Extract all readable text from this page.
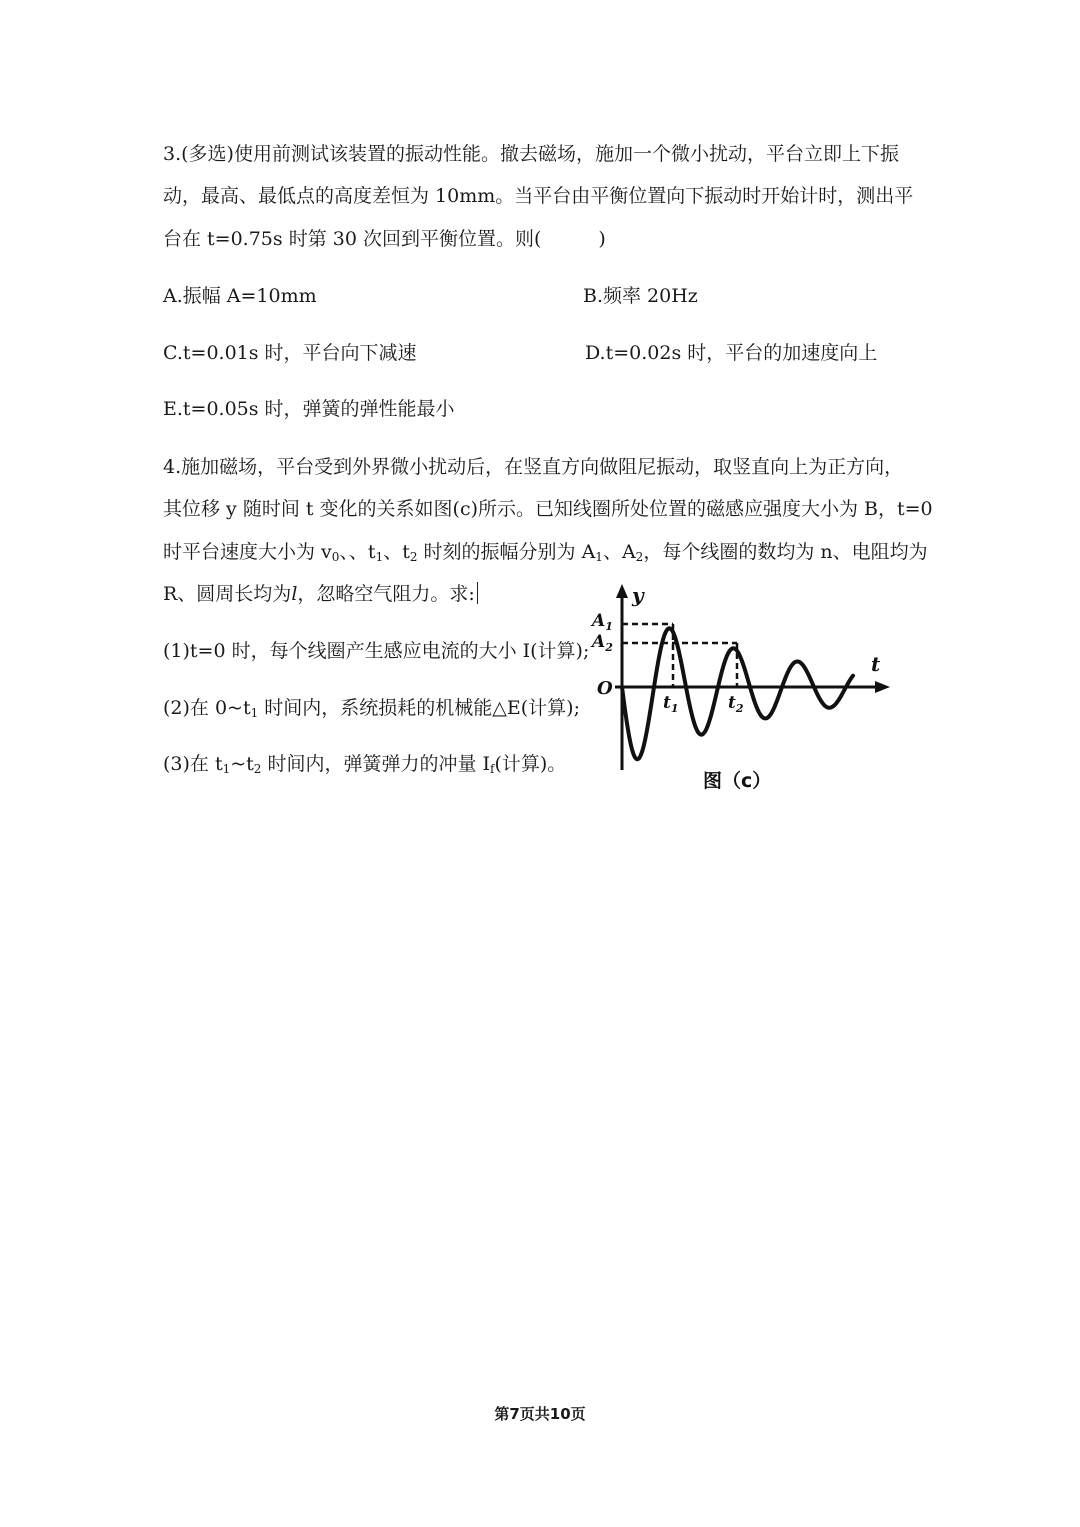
3.(多选)使用前测试该装置的振动性能。撤去磁场，施加一个微小扰动，平台立即上下振
动，最高、最低点的高度差恒为 10mm。当平台由平衡位置向下振动时开始计时，测出平
台在 t=0.75s 时第 30 次回到平衡位置。则(　　　)
A.振幅 A=10mm	B.频率 20Hz
C.t=0.01s 时，平台向下减速	D.t=0.02s 时，平台的加速度向上
E.t=0.05s 时，弹簧的弹性能最小
4.施加磁场，平台受到外界微小扰动后，在竖直方向做阻尼振动，取竖直向上为正方向，
其位移 y 随时间 t 变化的关系如图(c)所示。已知线圈所处位置的磁感应强度大小为 B，t=0
时平台速度大小为 $v_0$、、$t_1$、$t_2$ 时刻的振幅分别为 $A_1$、$A_2$，每个线圈的数均为 n、电阻均为
R、圆周长均为l，忽略空气阻力。求:
(1)t=0 时，每个线圈产生感应电流的大小 I(计算);
(2)在 $0\sim t_1$ 时间内，系统损耗的机械能△E(计算);
(3)在 $t_1\sim t_2$ 时间内，弹簧弹力的冲量 $I_f$(计算)。
y
t
O
$A_1$
$A_2$
$t_1$	$t_2$
图（c）
第7页共10页
